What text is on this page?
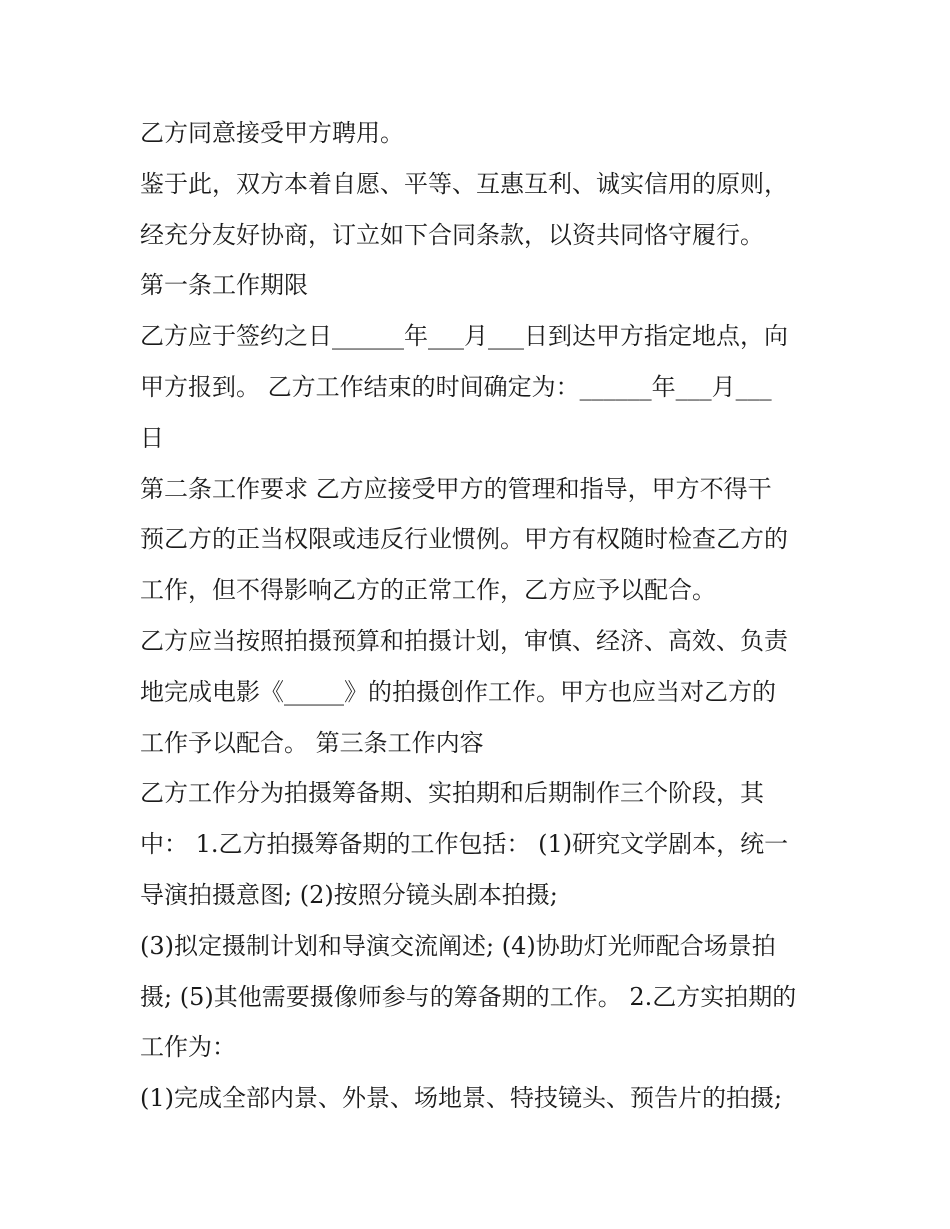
乙方同意接受甲方聘用。
鉴于此，双方本着自愿、平等、互惠互利、诚实信用的原则，
经充分友好协商，订立如下合同条款，以资共同恪守履行。
第一条工作期限
乙方应于签约之日______年___月___日到达甲方指定地点，向
甲方报到。 乙方工作结束的时间确定为：______年___月___
日
第二条工作要求 乙方应接受甲方的管理和指导，甲方不得干
预乙方的正当权限或违反行业惯例。甲方有权随时检查乙方的
工作，但不得影响乙方的正常工作，乙方应予以配合。
乙方应当按照拍摄预算和拍摄计划，审慎、经济、高效、负责
地完成电影《_____》的拍摄创作工作。甲方也应当对乙方的
工作予以配合。 第三条工作内容
乙方工作分为拍摄筹备期、实拍期和后期制作三个阶段，其
中： 1.乙方拍摄筹备期的工作包括： (1)研究文学剧本，统一
导演拍摄意图; (2)按照分镜头剧本拍摄;
(3)拟定摄制计划和导演交流阐述; (4)协助灯光师配合场景拍
摄; (5)其他需要摄像师参与的筹备期的工作。 2.乙方实拍期的
工作为：
(1)完成全部内景、外景、场地景、特技镜头、预告片的拍摄;
